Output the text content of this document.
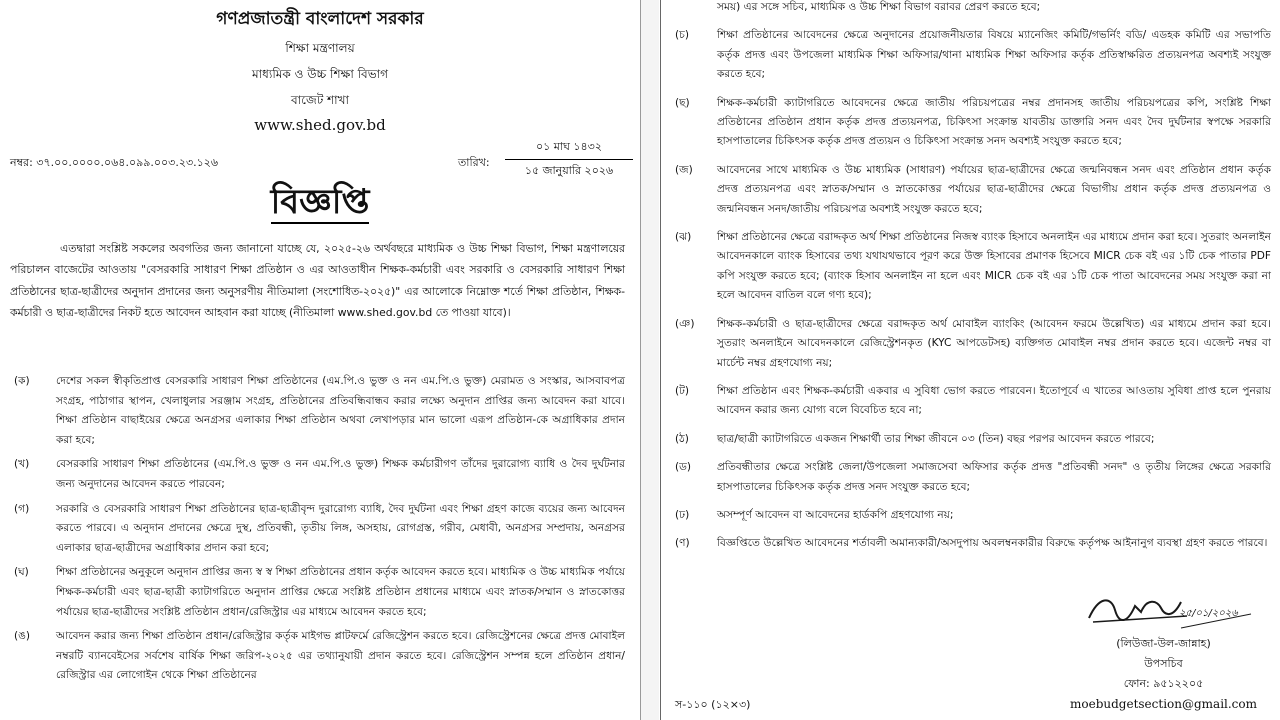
গণপ্রজাতন্ত্রী বাংলাদেশ সরকার
শিক্ষা মন্ত্রণালয়
মাধ্যমিক ও উচ্চ শিক্ষা বিভাগ
বাজেট শাখা
www.shed.gov.bd
নম্বর: ৩৭.০০.০০০০.০৬৪.০৯৯.০০৩.২৩.১২৬	তারিখ:
০১ মাঘ ১৪৩২
১৫ জানুয়ারি ২০২৬
বিজ্ঞপ্তি

এতদ্বারা সংশ্লিষ্ট সকলের অবগতির জন্য জানানো যাচ্ছে যে, ২০২৫-২৬ অর্থবছরে মাধ্যমিক ও উচ্চ শিক্ষা বিভাগ, শিক্ষা মন্ত্রণালয়ের পরিচালন বাজেটের আওতায় "বেসরকারি সাধারণ শিক্ষা প্রতিষ্ঠান ও এর আওতাধীন শিক্ষক-কর্মচারী এবং সরকারি ও বেসরকারি সাধারণ শিক্ষা প্রতিষ্ঠানের ছাত্র-ছাত্রীদের অনুদান প্রদানের জন্য অনুসরণীয় নীতিমালা (সংশোধিত-২০২৫)" এর আলোকে নিম্নোক্ত শর্তে শিক্ষা প্রতিষ্ঠান, শিক্ষক-কর্মচারী ও ছাত্র-ছাত্রীদের নিকট হতে আবেদন আহবান করা যাচ্ছে (নীতিমালা www.shed.gov.bd তে পাওয়া যাবে)।

(ক)	দেশের সকল স্বীকৃতিপ্রাপ্ত বেসরকারি সাধারণ শিক্ষা প্রতিষ্ঠানের (এম.পি.ও ভুক্ত ও নন এম.পি.ও ভুক্ত) মেরামত ও সংস্কার, আসবাবপত্র সংগ্রহ, পাঠাগার স্থাপন, খেলাধুলার সরঞ্জাম সংগ্রহ, প্রতিষ্ঠানের প্রতিবন্ধিবান্ধব করার লক্ষ্যে অনুদান প্রাপ্তির জন্য আবেদন করা যাবে। শিক্ষা প্রতিষ্ঠান বাছাইয়ের ক্ষেত্রে অনগ্রসর এলাকার শিক্ষা প্রতিষ্ঠান অথবা লেখাপড়ার মান ভালো এরূপ প্রতিষ্ঠান-কে অগ্রাধিকার প্রদান করা হবে;
(খ)	বেসরকারি সাধারণ শিক্ষা প্রতিষ্ঠানের (এম.পি.ও ভুক্ত ও নন এম.পি.ও ভুক্ত) শিক্ষক কর্মচারীগণ তাঁদের দুরারোগ্য ব্যাধি ও দৈব দুর্ঘটনার জন্য অনুদানের আবেদন করতে পারবেন;
(গ)	সরকারি ও বেসরকারি সাধারণ শিক্ষা প্রতিষ্ঠানের ছাত্র-ছাত্রীবৃন্দ দুরারোগ্য ব্যাধি, দৈব দুর্ঘটনা এবং শিক্ষা গ্রহণ কাজে ব্যয়ের জন্য আবেদন করতে পারবে। এ অনুদান প্রদানের ক্ষেত্রে দুস্থ, প্রতিবন্ধী, তৃতীয় লিঙ্গ, অসহায়, রোগগ্রস্ত, গরীব, মেধাবী, অনগ্রসর সম্প্রদায়, অনগ্রসর এলাকার ছাত্র-ছাত্রীদের অগ্রাধিকার প্রদান করা হবে;
(ঘ)	শিক্ষা প্রতিষ্ঠানের অনুকূলে অনুদান প্রাপ্তির জন্য স্ব স্ব শিক্ষা প্রতিষ্ঠানের প্রধান কর্তৃক আবেদন করতে হবে। মাধ্যমিক ও উচ্চ মাধ্যমিক পর্যায়ে শিক্ষক-কর্মচারী এবং ছাত্র-ছাত্রী ক্যাটাগরিতে অনুদান প্রাপ্তির ক্ষেত্রে সংশ্লিষ্ট প্রতিষ্ঠান প্রধানের মাধ্যমে এবং স্নাতক/সম্মান ও স্নাতকোত্তর পর্যায়ের ছাত্র-ছাত্রীদের সংশ্লিষ্ট প্রতিষ্ঠান প্রধান/রেজিস্ট্রার এর মাধ্যমে আবেদন করতে হবে;
(ঙ)	আবেদন করার জন্য শিক্ষা প্রতিষ্ঠান প্রধান/রেজিস্ট্রার কর্তৃক মাইগভ প্লাটফর্মে রেজিস্ট্রেশন করতে হবে। রেজিস্ট্রেশনের ক্ষেত্রে প্রদত্ত মোবাইল নম্বরটি ব্যানবেইসের সর্বশেষ বার্ষিক শিক্ষা জরিপ-২০২৫ এর তথ্যানুযায়ী প্রদান করতে হবে। রেজিস্ট্রেশন সম্পন্ন হলে প্রতিষ্ঠান প্রধান/রেজিস্ট্রার এর লোগোইন থেকে শিক্ষা প্রতিষ্ঠানের
সময়) এর সঙ্গে সচিব, মাধ্যমিক ও উচ্চ শিক্ষা বিভাগ বরাবর প্রেরণ করতে হবে;
(চ)	শিক্ষা প্রতিষ্ঠানের আবেদনের ক্ষেত্রে অনুদানের প্রয়োজনীয়তার বিষয়ে ম্যানেজিং কমিটি/গভর্নিং বডি/ এডহক কমিটি এর সভাপতি কর্তৃক প্রদত্ত এবং উপজেলা মাধ্যমিক শিক্ষা অফিসার/থানা মাধ্যমিক শিক্ষা অফিসার কর্তৃক প্রতিস্বাক্ষরিত প্রত্যয়নপত্র অবশ্যই সংযুক্ত করতে হবে;
(ছ)	শিক্ষক-কর্মচারী ক্যাটাগরিতে আবেদনের ক্ষেত্রে জাতীয় পরিচয়পত্রের নম্বর প্রদানসহ জাতীয় পরিচয়পত্রের কপি, সংশ্লিষ্ট শিক্ষা প্রতিষ্ঠানের প্রতিষ্ঠান প্রধান কর্তৃক প্রদত্ত প্রত্যয়নপত্র, চিকিৎসা সংক্রান্ত যাবতীয় ডাক্তারি সনদ এবং দৈব দুর্ঘটনার স্বপক্ষে সরকারি হাসপাতালের চিকিৎসক কর্তৃক প্রদত্ত প্রত্যয়ন ও চিকিৎসা সংক্রান্ত সনদ অবশ্যই সংযুক্ত করতে হবে;
(জ)	আবেদনের সাথে মাধ্যমিক ও উচ্চ মাধ্যমিক (সাধারণ) পর্যায়ের ছাত্র-ছাত্রীদের ক্ষেত্রে জন্মনিবন্ধন সনদ এবং প্রতিষ্ঠান প্রধান কর্তৃক প্রদত্ত প্রত্যয়নপত্র এবং স্নাতক/সম্মান ও স্নাতকোত্তর পর্যায়ের ছাত্র-ছাত্রীদের ক্ষেত্রে বিভাগীয় প্রধান কর্তৃক প্রদত্ত প্রত্যয়নপত্র ও জন্মনিবন্ধন সনদ/জাতীয় পরিচয়পত্র অবশ্যই সংযুক্ত করতে হবে;
(ঝ)	শিক্ষা প্রতিষ্ঠানের ক্ষেত্রে বরাদ্দকৃত অর্থ শিক্ষা প্রতিষ্ঠানের নিজস্ব ব্যাংক হিসাবে অনলাইন এর মাধ্যমে প্রদান করা হবে। সুতরাং অনলাইন আবেদনকালে ব্যাংক হিসাবের তথ্য যথাযথভাবে পূরণ করে উক্ত হিসাবের প্রমাণক হিসেবে MICR চেক বই এর ১টি চেক পাতার PDF কপি সংযুক্ত করতে হবে; (ব্যাংক হিসাব অনলাইন না হলে এবং MICR চেক বই এর ১টি চেক পাতা আবেদনের সময় সংযুক্ত করা না হলে আবেদন বাতিল বলে গণ্য হবে);
(ঞ)	শিক্ষক-কর্মচারী ও ছাত্র-ছাত্রীদের ক্ষেত্রে বরাদ্দকৃত অর্থ মোবাইল ব্যাংকিং (আবেদন ফরমে উল্লেখিত) এর মাধ্যমে প্রদান করা হবে। সুতরাং অনলাইনে আবেদনকালে রেজিস্ট্রেশনকৃত (KYC আপডেটসহ) ব্যক্তিগত মোবাইল নম্বর প্রদান করতে হবে। এজেন্ট নম্বর বা মার্চেন্ট নম্বর গ্রহণযোগ্য নয়;
(ট)	শিক্ষা প্রতিষ্ঠান এবং শিক্ষক-কর্মচারী একবার এ সুবিধা ভোগ করতে পারবেন। ইতোপূর্বে এ খাতের আওতায় সুবিধা প্রাপ্ত হলে পুনরায় আবেদন করার জন্য যোগ্য বলে বিবেচিত হবে না;
(ঠ)	ছাত্র/ছাত্রী ক্যাটাগরিতে একজন শিক্ষার্থী তার শিক্ষা জীবনে ০৩ (তিন) বছর পরপর আবেদন করতে পারবে;
(ড)	প্রতিবন্ধীতার ক্ষেত্রে সংশ্লিষ্ট জেলা/উপজেলা সমাজসেবা অফিসার কর্তৃক প্রদত্ত "প্রতিবন্ধী সনদ" ও তৃতীয় লিঙ্গের ক্ষেত্রে সরকারি হাসপাতালের চিকিৎসক কর্তৃক প্রদত্ত সনদ সংযুক্ত করতে হবে;
(ঢ)	অসম্পূর্ণ আবেদন বা আবেদনের হার্ডকপি গ্রহণযোগ্য নয়;
(ণ)	বিজ্ঞপ্তিতে উল্লেখিত আবেদনের শর্তাবলী অমান্যকারী/অসদুপায় অবলম্বনকারীর বিরুদ্ধে কর্তৃপক্ষ আইনানুগ ব্যবস্থা গ্রহণ করতে পারবে।
২৫/০১/২০২৬
(লিউজা-উল-জান্নাহ)
উপসচিব
ফোন: ৯৫১২২০৫
moebudgetsection@gmail.com
স-১১০ (১২×৩)
